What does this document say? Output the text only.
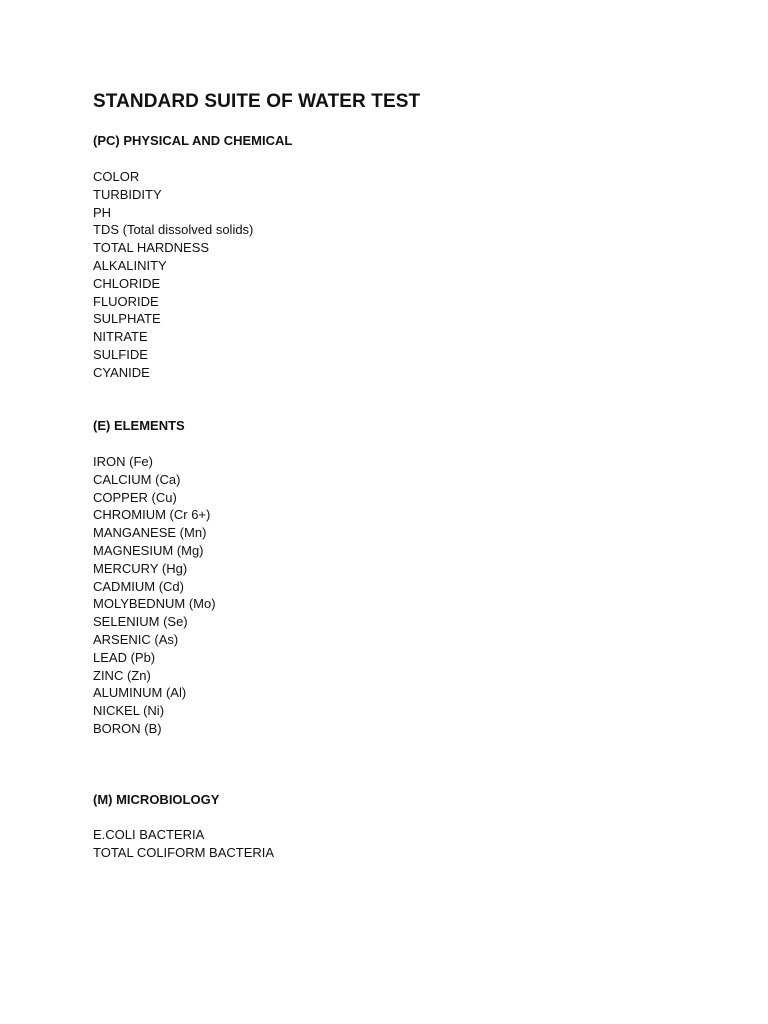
STANDARD SUITE OF WATER TEST
(PC) PHYSICAL AND CHEMICAL
COLOR
TURBIDITY
PH
TDS (Total dissolved solids)
TOTAL HARDNESS
ALKALINITY
CHLORIDE
FLUORIDE
SULPHATE
NITRATE
SULFIDE
CYANIDE
(E) ELEMENTS
IRON (Fe)
CALCIUM (Ca)
COPPER (Cu)
CHROMIUM (Cr 6+)
MANGANESE (Mn)
MAGNESIUM (Mg)
MERCURY (Hg)
CADMIUM (Cd)
MOLYBEDNUM (Mo)
SELENIUM (Se)
ARSENIC (As)
LEAD (Pb)
ZINC (Zn)
ALUMINUM (Al)
NICKEL (Ni)
BORON (B)
(M) MICROBIOLOGY
E.COLI BACTERIA
TOTAL COLIFORM BACTERIA
